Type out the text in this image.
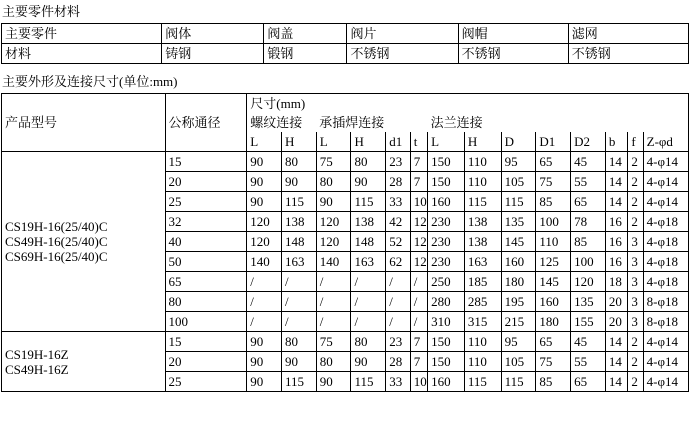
主要零件材料
主要零件	阀体	阀盖	阀片	阀帽	滤网
材料	铸钢	锻钢	不锈钢	不锈钢	不锈钢
主要外形及连接尺寸(单位:mm)
产品型号	公称通径	尺寸(mm)													
		螺纹连接		承插焊连接				法兰连接							
		L	H	L	H	d1	t	L	H	D	D1	D2	b	f	Z-φd

CS19H-16(25/40)C
CS49H-16(25/40)C
CS69H-16(25/40)C	15	90	80	75	80	23	7	150	110	95	65	45	14	2	4-φ14
	20	90	90	80	90	28	7	150	110	105	75	55	14	2	4-φ14
	25	90	115	90	115	33	10	160	115	115	85	65	14	2	4-φ14
	32	120	138	120	138	42	12	230	138	135	100	78	16	2	4-φ18
	40	120	148	120	148	52	12	230	138	145	110	85	16	3	4-φ18
	50	140	163	140	163	62	12	230	163	160	125	100	16	3	4-φ18
	65	/	/	/	/	/	/	250	185	180	145	120	18	3	4-φ18
	80	/	/	/	/	/	/	280	285	195	160	135	20	3	8-φ18
	100	/	/	/	/	/	/	310	315	215	180	155	20	3	8-φ18

CS19H-16Z
CS49H-16Z	15	90	80	75	80	23	7	150	110	95	65	45	14	2	4-φ14
	20	90	90	80	90	28	7	150	110	105	75	55	14	2	4-φ14
	25	90	115	90	115	33	10	160	115	115	85	65	14	2	4-φ14
